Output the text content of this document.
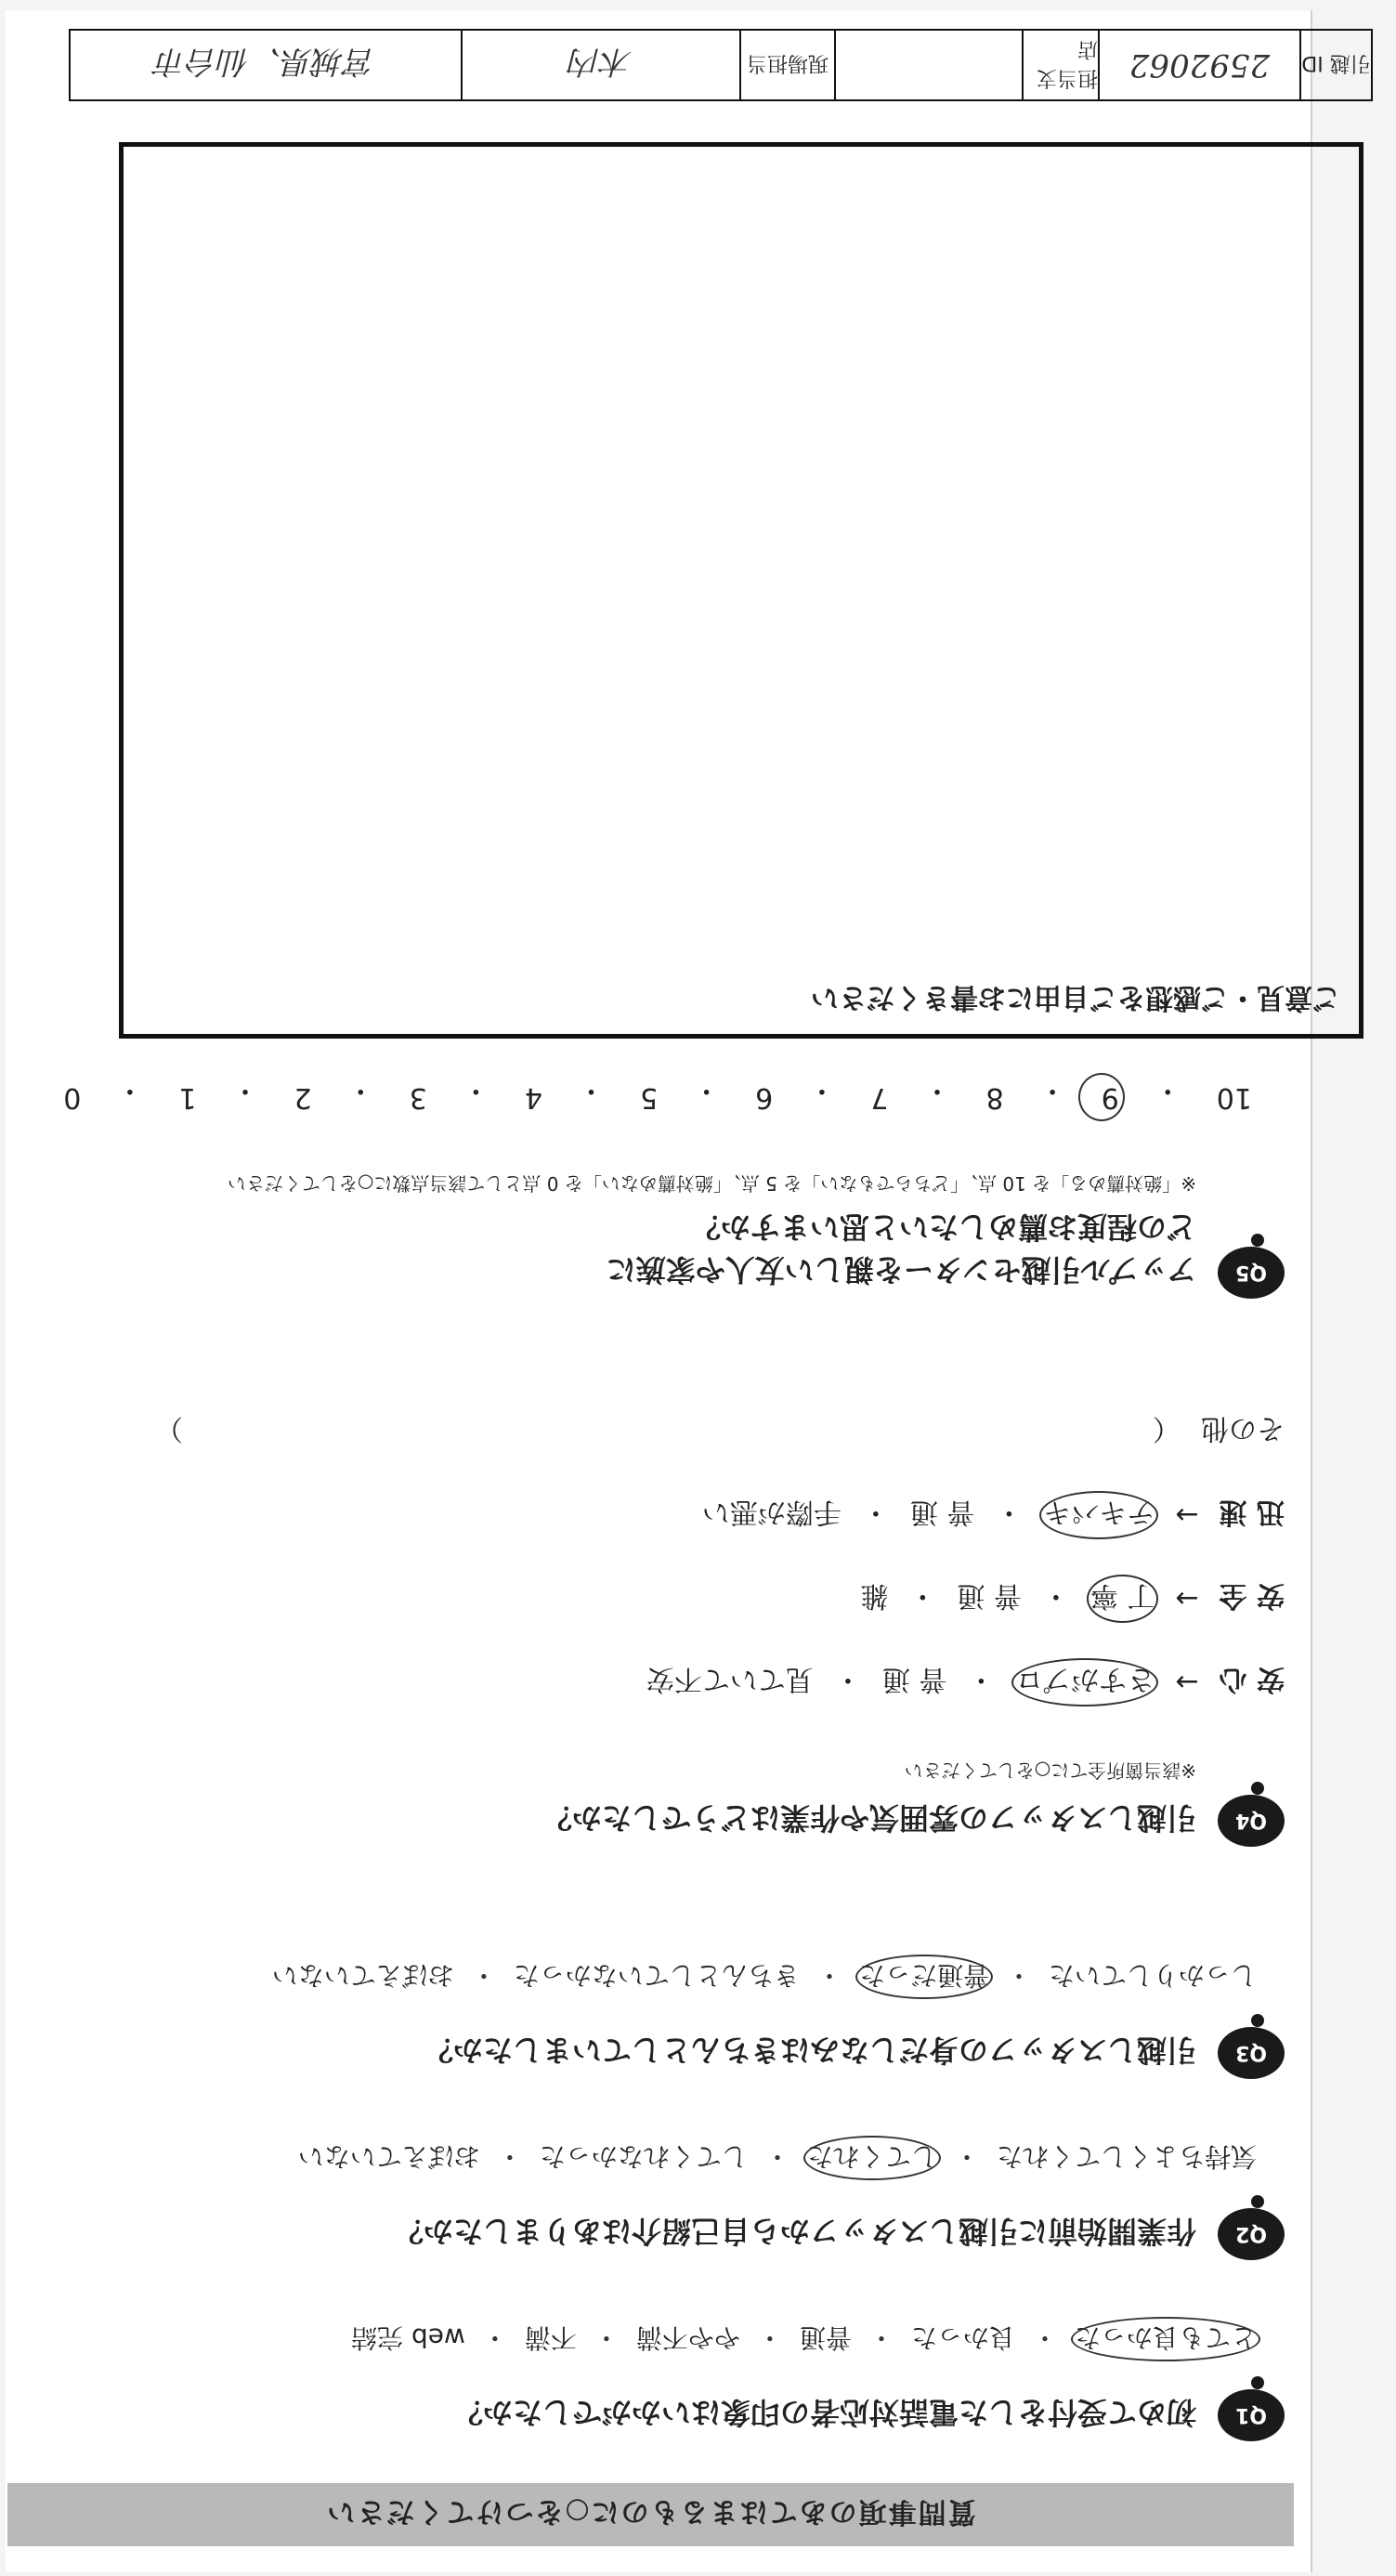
質問事項のあてはまるものに○をつけてください
Q1
初めて受付をした電話対応者の印象はいかがでしたか？
とても良かった
・
良かった
・
普通
・
やや不満
・
不満
・
web 完結
Q2
作業開始前に引越しスタッフから自己紹介はありましたか？
気持ちよくしてくれた
・
してくれた
・
してくれなかった
・
おぼえていない
Q3
引越しスタッフの身だしなみはきちんとしていましたか？
しっかりしていた
・
普通だった
・
きちんとしていなかった
・
おぼえていない
Q4
引越しスタッフの雰囲気や作業はどうでしたか？
※該当箇所全てに○をしてください
安 心
→
さすがプロ
・
普 通
・
見ていて不安
安 全
→
丁 寧
・
普 通
・
雑
迅 速
→
テキパキ
・
普 通
・
手際が悪い
その他
（
）
Q5
アップル引越センターを親しい友人や家族に
どの程度お薦めしたいと思いますか？
※「絶対薦める」を 10 点、「どちらでもない」を 5 点、「絶対薦めない」を 0 点として該当点数に○をしてください
10
・
9
・
8
・
7
・
6
・
5
・
4
・
3
・
2
・
1
・
0
ご意見・ご感想をご自由にお書きください
引越 ID
2592062
担当支店
現場担当
木内
宮城県、仙台市
